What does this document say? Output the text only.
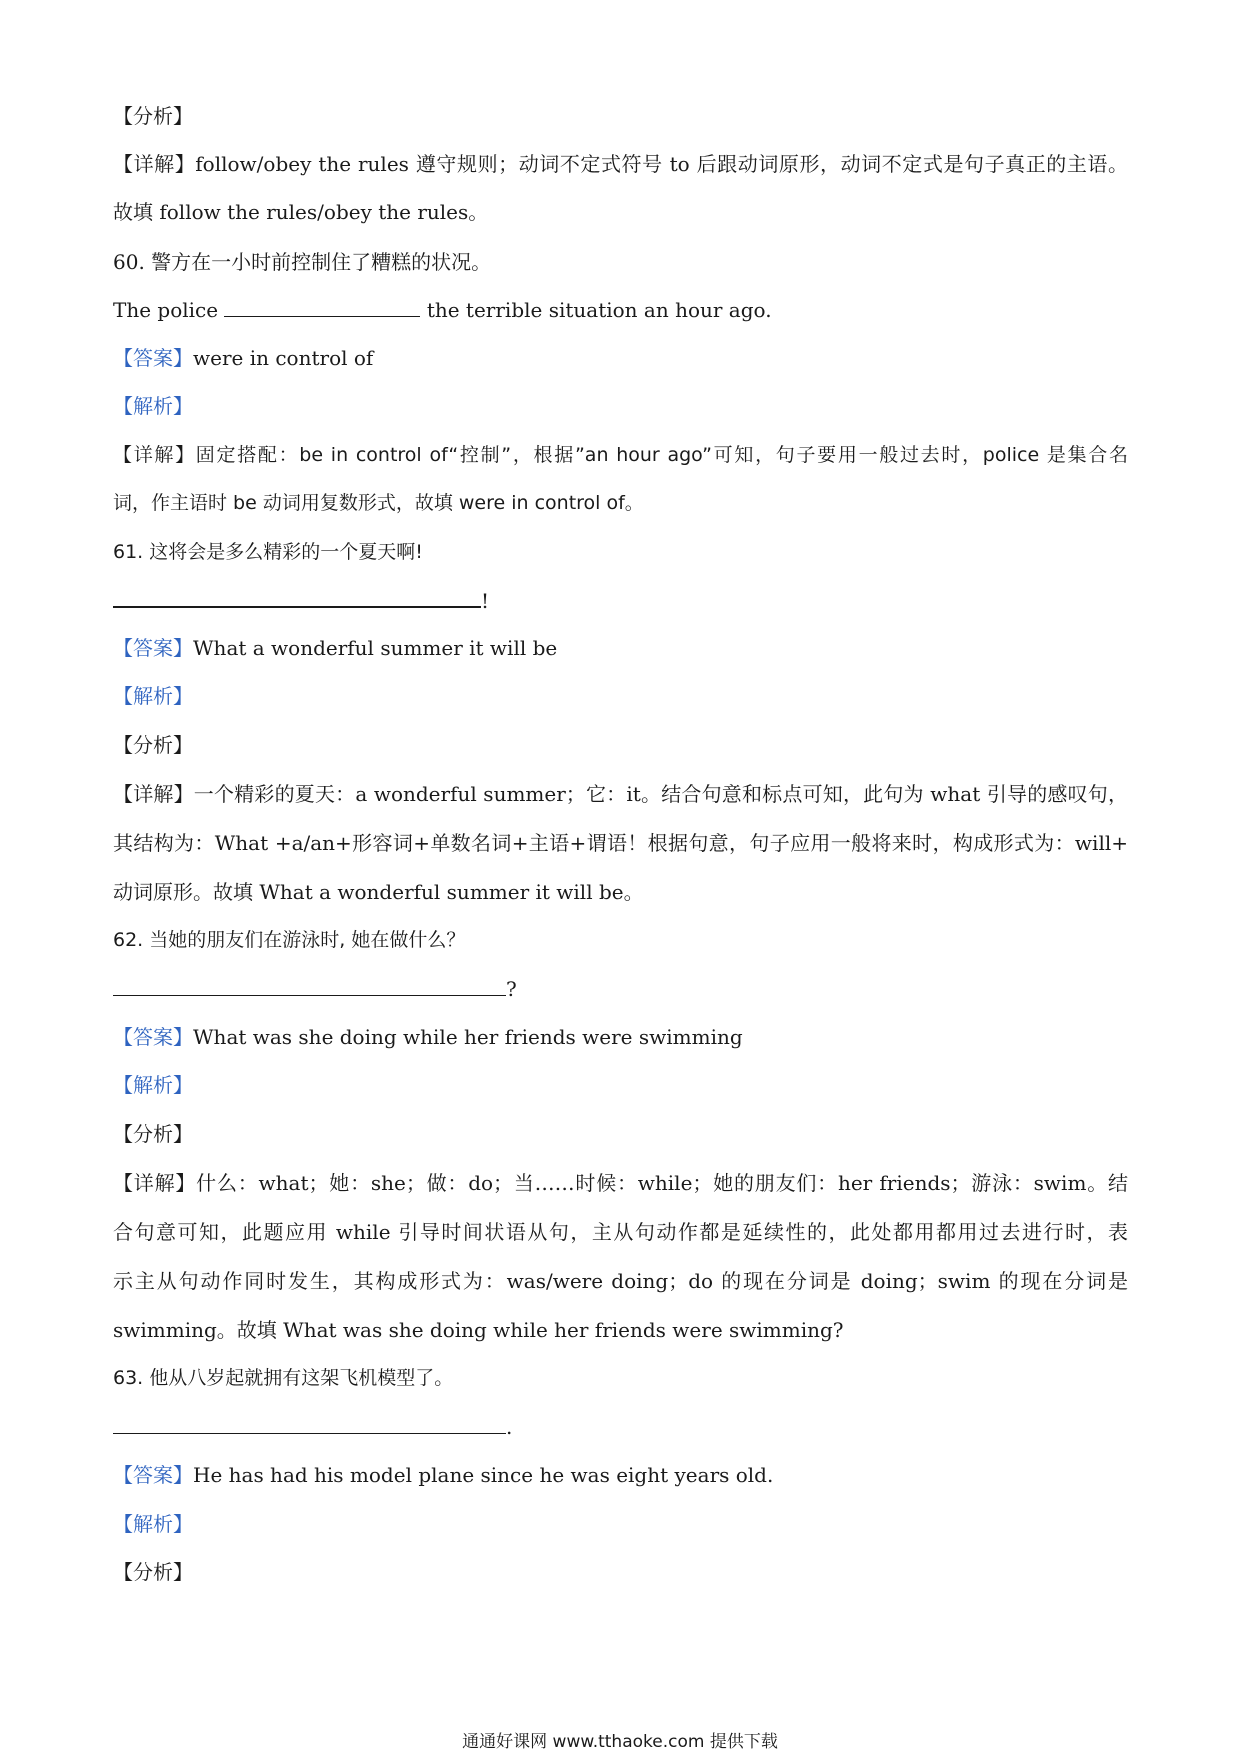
【分析】
【详解】follow/obey the rules 遵守规则；动词不定式符号 to 后跟动词原形，动词不定式是句子真正的主语。
故填 follow the rules/obey the rules。
60. 警方在一小时前控制住了糟糕的状况。
The police	the terrible situation an hour ago.
【答案】were in control of
【解析】
【详解】固定搭配：be in control of“控制”，根据”an hour ago”可知，句子要用一般过去时，police 是集合名
词，作主语时 be 动词用复数形式，故填 were in control of。
61. 这将会是多么精彩的一个夏天啊!
!
【答案】What a wonderful summer it will be
【解析】
【分析】
【详解】一个精彩的夏天：a wonderful summer；它：it。结合句意和标点可知，此句为 what 引导的感叹句，
其结构为：What +a/an+形容词+单数名词+主语+谓语！根据句意，句子应用一般将来时，构成形式为：will+
动词原形。故填 What a wonderful summer it will be。
62. 当她的朋友们在游泳时, 她在做什么？
?
【答案】What was she doing while her friends were swimming
【解析】
【分析】
【详解】什么：what；她：she；做：do；当……时候：while；她的朋友们：her friends；游泳：swim。结
合句意可知，此题应用 while 引导时间状语从句，主从句动作都是延续性的，此处都用都用过去进行时，表
示主从句动作同时发生，其构成形式为：was/were doing；do 的现在分词是 doing；swim 的现在分词是
swimming。故填 What was she doing while her friends were swimming?
63. 他从八岁起就拥有这架飞机模型了。
.
【答案】He has had his model plane since he was eight years old.
【解析】
【分析】
通通好课网 www.tthaoke.com 提供下载
